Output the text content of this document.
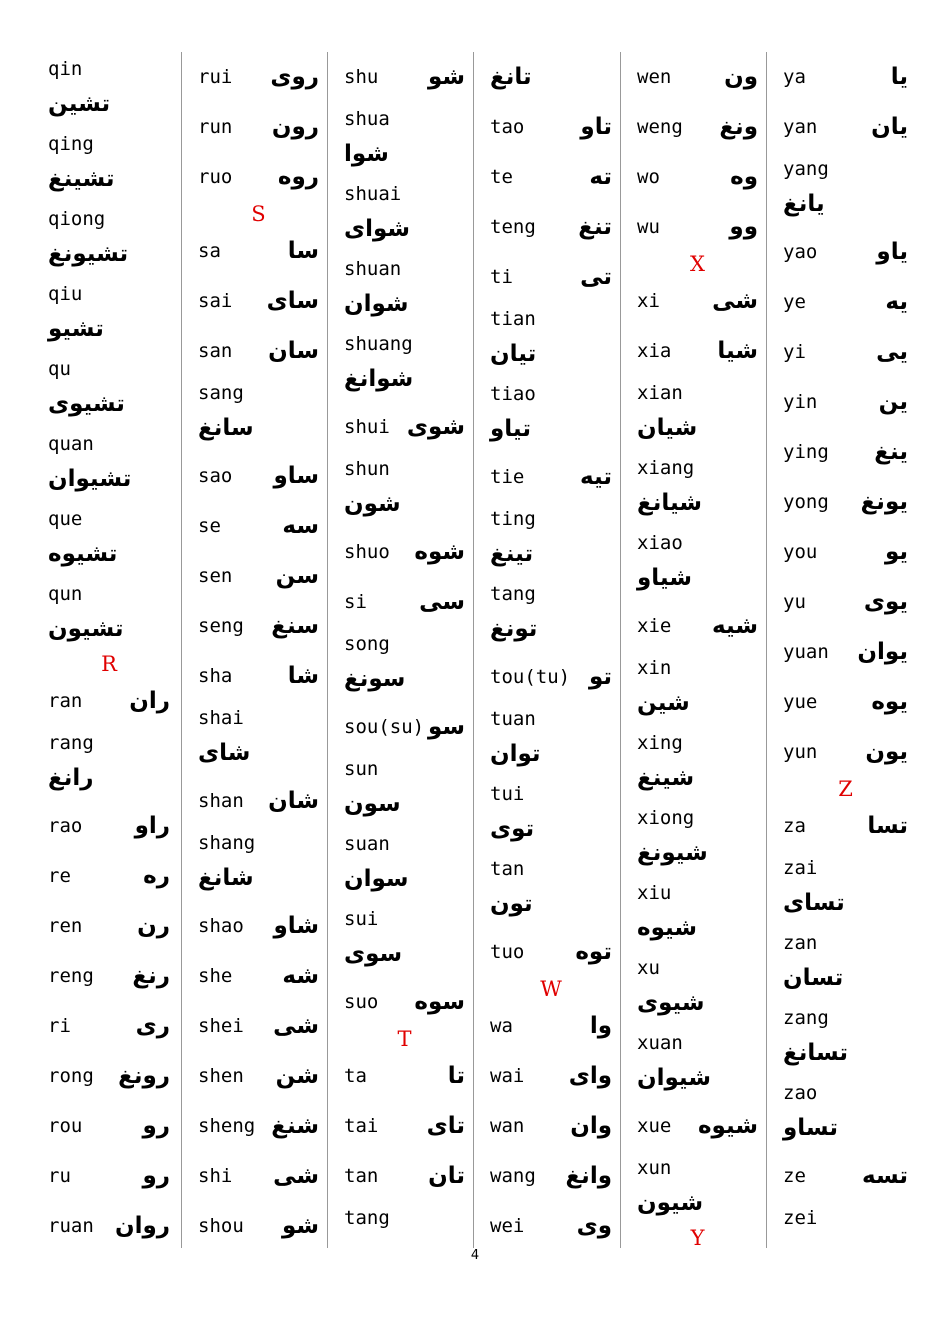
qin
تشين
qing
تشينغ
qiong
تشيونغ
qiu
تشيو
qu
تشيوى
quan
تشيوان
que
تشيوه
qun
تشيون
R
ran ران
rang
رانغ
rao راو
re	ره
ren رن
reng رنغ
ri	رى
rong رونغ
rou	رو
ru	رو
ruan روان
rui روى
run رون
ruo روه
S
sa	سا
sai ساى
san سان
sang
سانغ
sao ساو
se	سه
sen سن
seng سنغ
sha شا
shai
شاى
shan شان
shang
شانغ
shao شاو
she شه
shei شى
shen شن
sheng شنغ
shi شى
shou شو
shu شو
shua
شوا
shuai
شواى
shuan
شوان
shuang
شوانغ
shui شوى
shun
شون
shuo شوه
si سى
song
سونغ
sou(su) سو
sun
سون
suan
سوان
sui
سوى
suo سوه
T
ta	تا
tai تاى
tan تان
tang
تانغ
tao تاو
te	ته
teng تنغ
ti	تى
tian
تيان
tiao
تياو
tie تيه
ting
تينغ
tang
تونغ
tou(tu) تو
tuan
توان
tui
توى
tan
تون
tuo توه
W
wa	وا
wai واى
wan وان
wang وانغ
wei وى
wen ون
weng ونغ
wo	وه
wu	وو
X
xi شى
xia شيا
xian
شيان
xiang
شيانغ
xiao
شياو
xie شيه
xin
شين
xing
شينغ
xiong
شيونغ
xiu
شيوه
xu
شيوى
xuan
شيوان
xue شيوه
xun
شيون
Y
ya	يا
yan يان
yang
يانغ
yao	ياو
ye	يه
yi	يى
yin	ين
ying ينغ
yong يونغ
you	يو
yu	يوى
yuan يوان
yue يوه
yun يون
Z
za	تسا
zai
تساى
zan
تسان
zang
تسانغ
zao
تساو
ze تسه
zei
4
